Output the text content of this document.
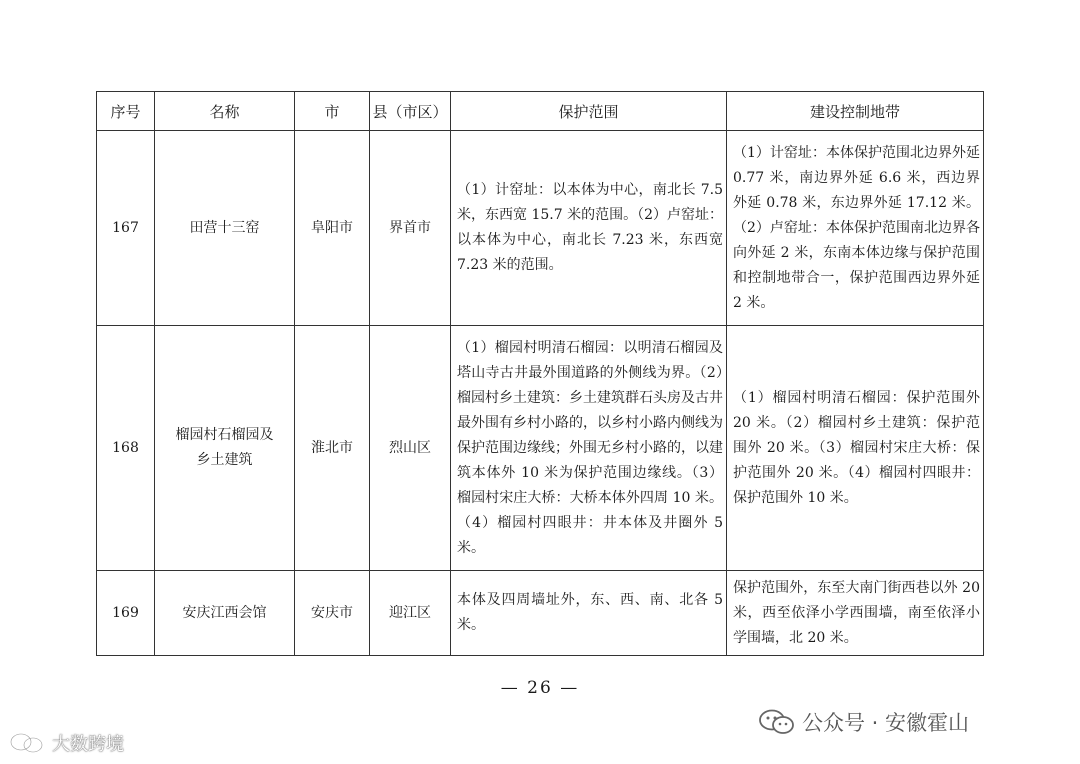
序号	名称	市	县（市区）	保护范围	建设控制地带
167	田营十三窑	阜阳市	界首市	（1）计窑址：以本体为中心，南北长 7.5 米，东西宽 15.7 米的范围。（2）卢窑址：以本体为中心，南北长 7.23 米，东西宽 7.23 米的范围。	（1）计窑址：本体保护范围北边界外延 0.77 米，南边界外延 6.6 米，西边界外延 0.78 米，东边界外延 17.12 米。（2）卢窑址：本体保护范围南北边界各向外延 2 米，东南本体边缘与保护范围和控制地带合一，保护范围西边界外延 2 米。
168	榴园村石榴园及乡土建筑	淮北市	烈山区	（1）榴园村明清石榴园：以明清石榴园及塔山寺古井最外围道路的外侧线为界。（2）榴园村乡土建筑：乡土建筑群石头房及古井最外围有乡村小路的，以乡村小路内侧线为保护范围边缘线；外围无乡村小路的，以建筑本体外 10 米为保护范围边缘线。（3）榴园村宋庄大桥：大桥本体外四周 10 米。（4）榴园村四眼井：井本体及井圈外 5 米。	（1）榴园村明清石榴园：保护范围外 20 米。（2）榴园村乡土建筑：保护范围外 20 米。（3）榴园村宋庄大桥：保护范围外 20 米。（4）榴园村四眼井：保护范围外 10 米。
169	安庆江西会馆	安庆市	迎江区	本体及四周墙址外，东、西、南、北各 5 米。	保护范围外，东至大南门街西巷以外 20 米，西至依泽小学西围墙，南至依泽小学围墙，北 20 米。
— 26 —
公众号 · 安徽霍山
大数跨境
